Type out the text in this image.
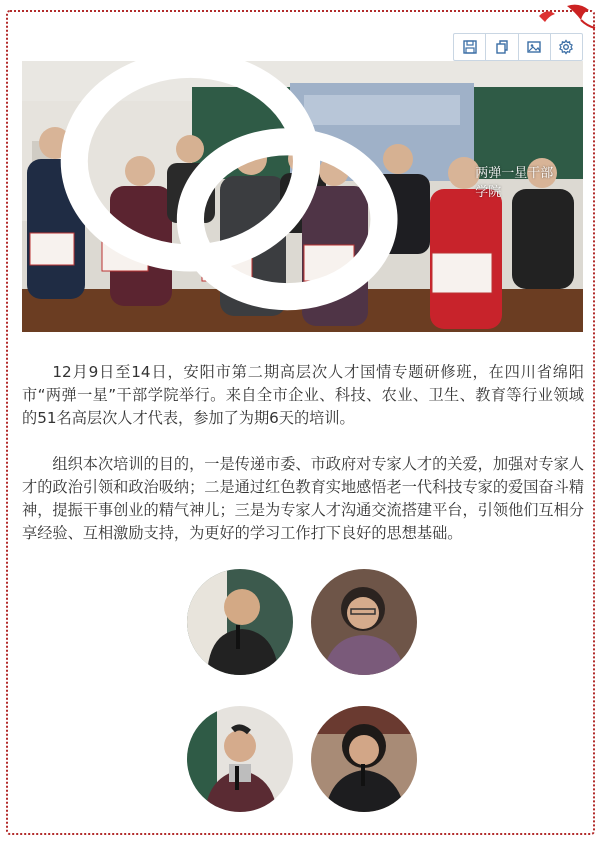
两弹一星干部学院

12月9日至14日，安阳市第二期高层次人才国情专题研修班，在四川省绵阳市“两弹一星”干部学院举行。来自全市企业、科技、农业、卫生、教育等行业领域的51名高层次人才代表，参加了为期6天的培训。

组织本次培训的目的，一是传递市委、市政府对专家人才的关爱，加强对专家人才的政治引领和政治吸纳；二是通过红色教育实地感悟老一代科技专家的爱国奋斗精神，提振干事创业的精气神儿；三是为专家人才沟通交流搭建平台，引领他们互相分享经验、互相激励支持，为更好的学习工作打下良好的思想基础。
